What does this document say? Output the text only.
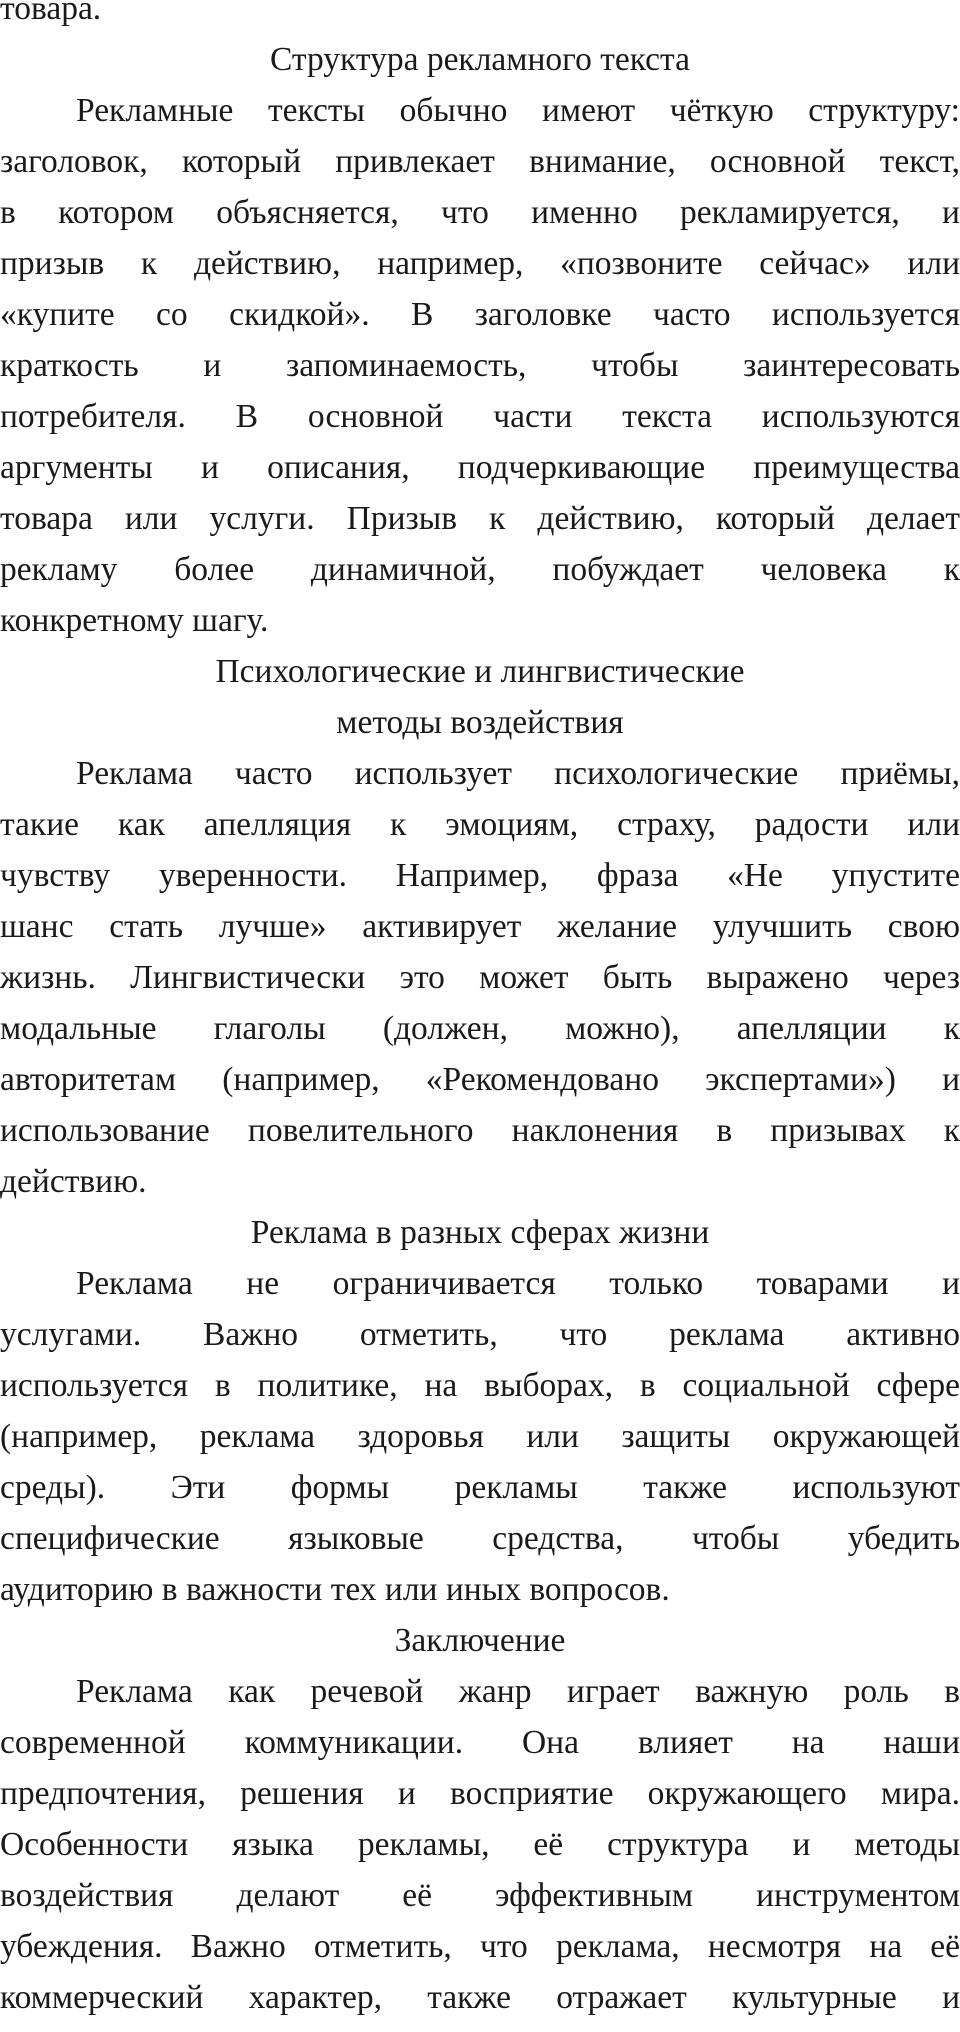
товара.
Структура рекламного текста
Рекламные тексты обычно имеют чёткую структуру:
заголовок, который привлекает внимание, основной текст,
в котором объясняется, что именно рекламируется, и
призыв к действию, например, «позвоните сейчас» или
«купите со скидкой». В заголовке часто используется
краткость и запоминаемость, чтобы заинтересовать
потребителя. В основной части текста используются
аргументы и описания, подчеркивающие преимущества
товара или услуги. Призыв к действию, который делает
рекламу более динамичной, побуждает человека к
конкретному шагу.
Психологические и лингвистические
методы воздействия
Реклама часто использует психологические приёмы,
такие как апелляция к эмоциям, страху, радости или
чувству уверенности. Например, фраза «Не упустите
шанс стать лучше» активирует желание улучшить свою
жизнь. Лингвистически это может быть выражено через
модальные глаголы (должен, можно), апелляции к
авторитетам (например, «Рекомендовано экспертами») и
использование повелительного наклонения в призывах к
действию.
Реклама в разных сферах жизни
Реклама не ограничивается только товарами и
услугами. Важно отметить, что реклама активно
используется в политике, на выборах, в социальной сфере
(например, реклама здоровья или защиты окружающей
среды). Эти формы рекламы также используют
специфические языковые средства, чтобы убедить
аудиторию в важности тех или иных вопросов.
Заключение
Реклама как речевой жанр играет важную роль в
современной коммуникации. Она влияет на наши
предпочтения, решения и восприятие окружающего мира.
Особенности языка рекламы, её структура и методы
воздействия делают её эффективным инструментом
убеждения. Важно отметить, что реклама, несмотря на её
коммерческий характер, также отражает культурные и
